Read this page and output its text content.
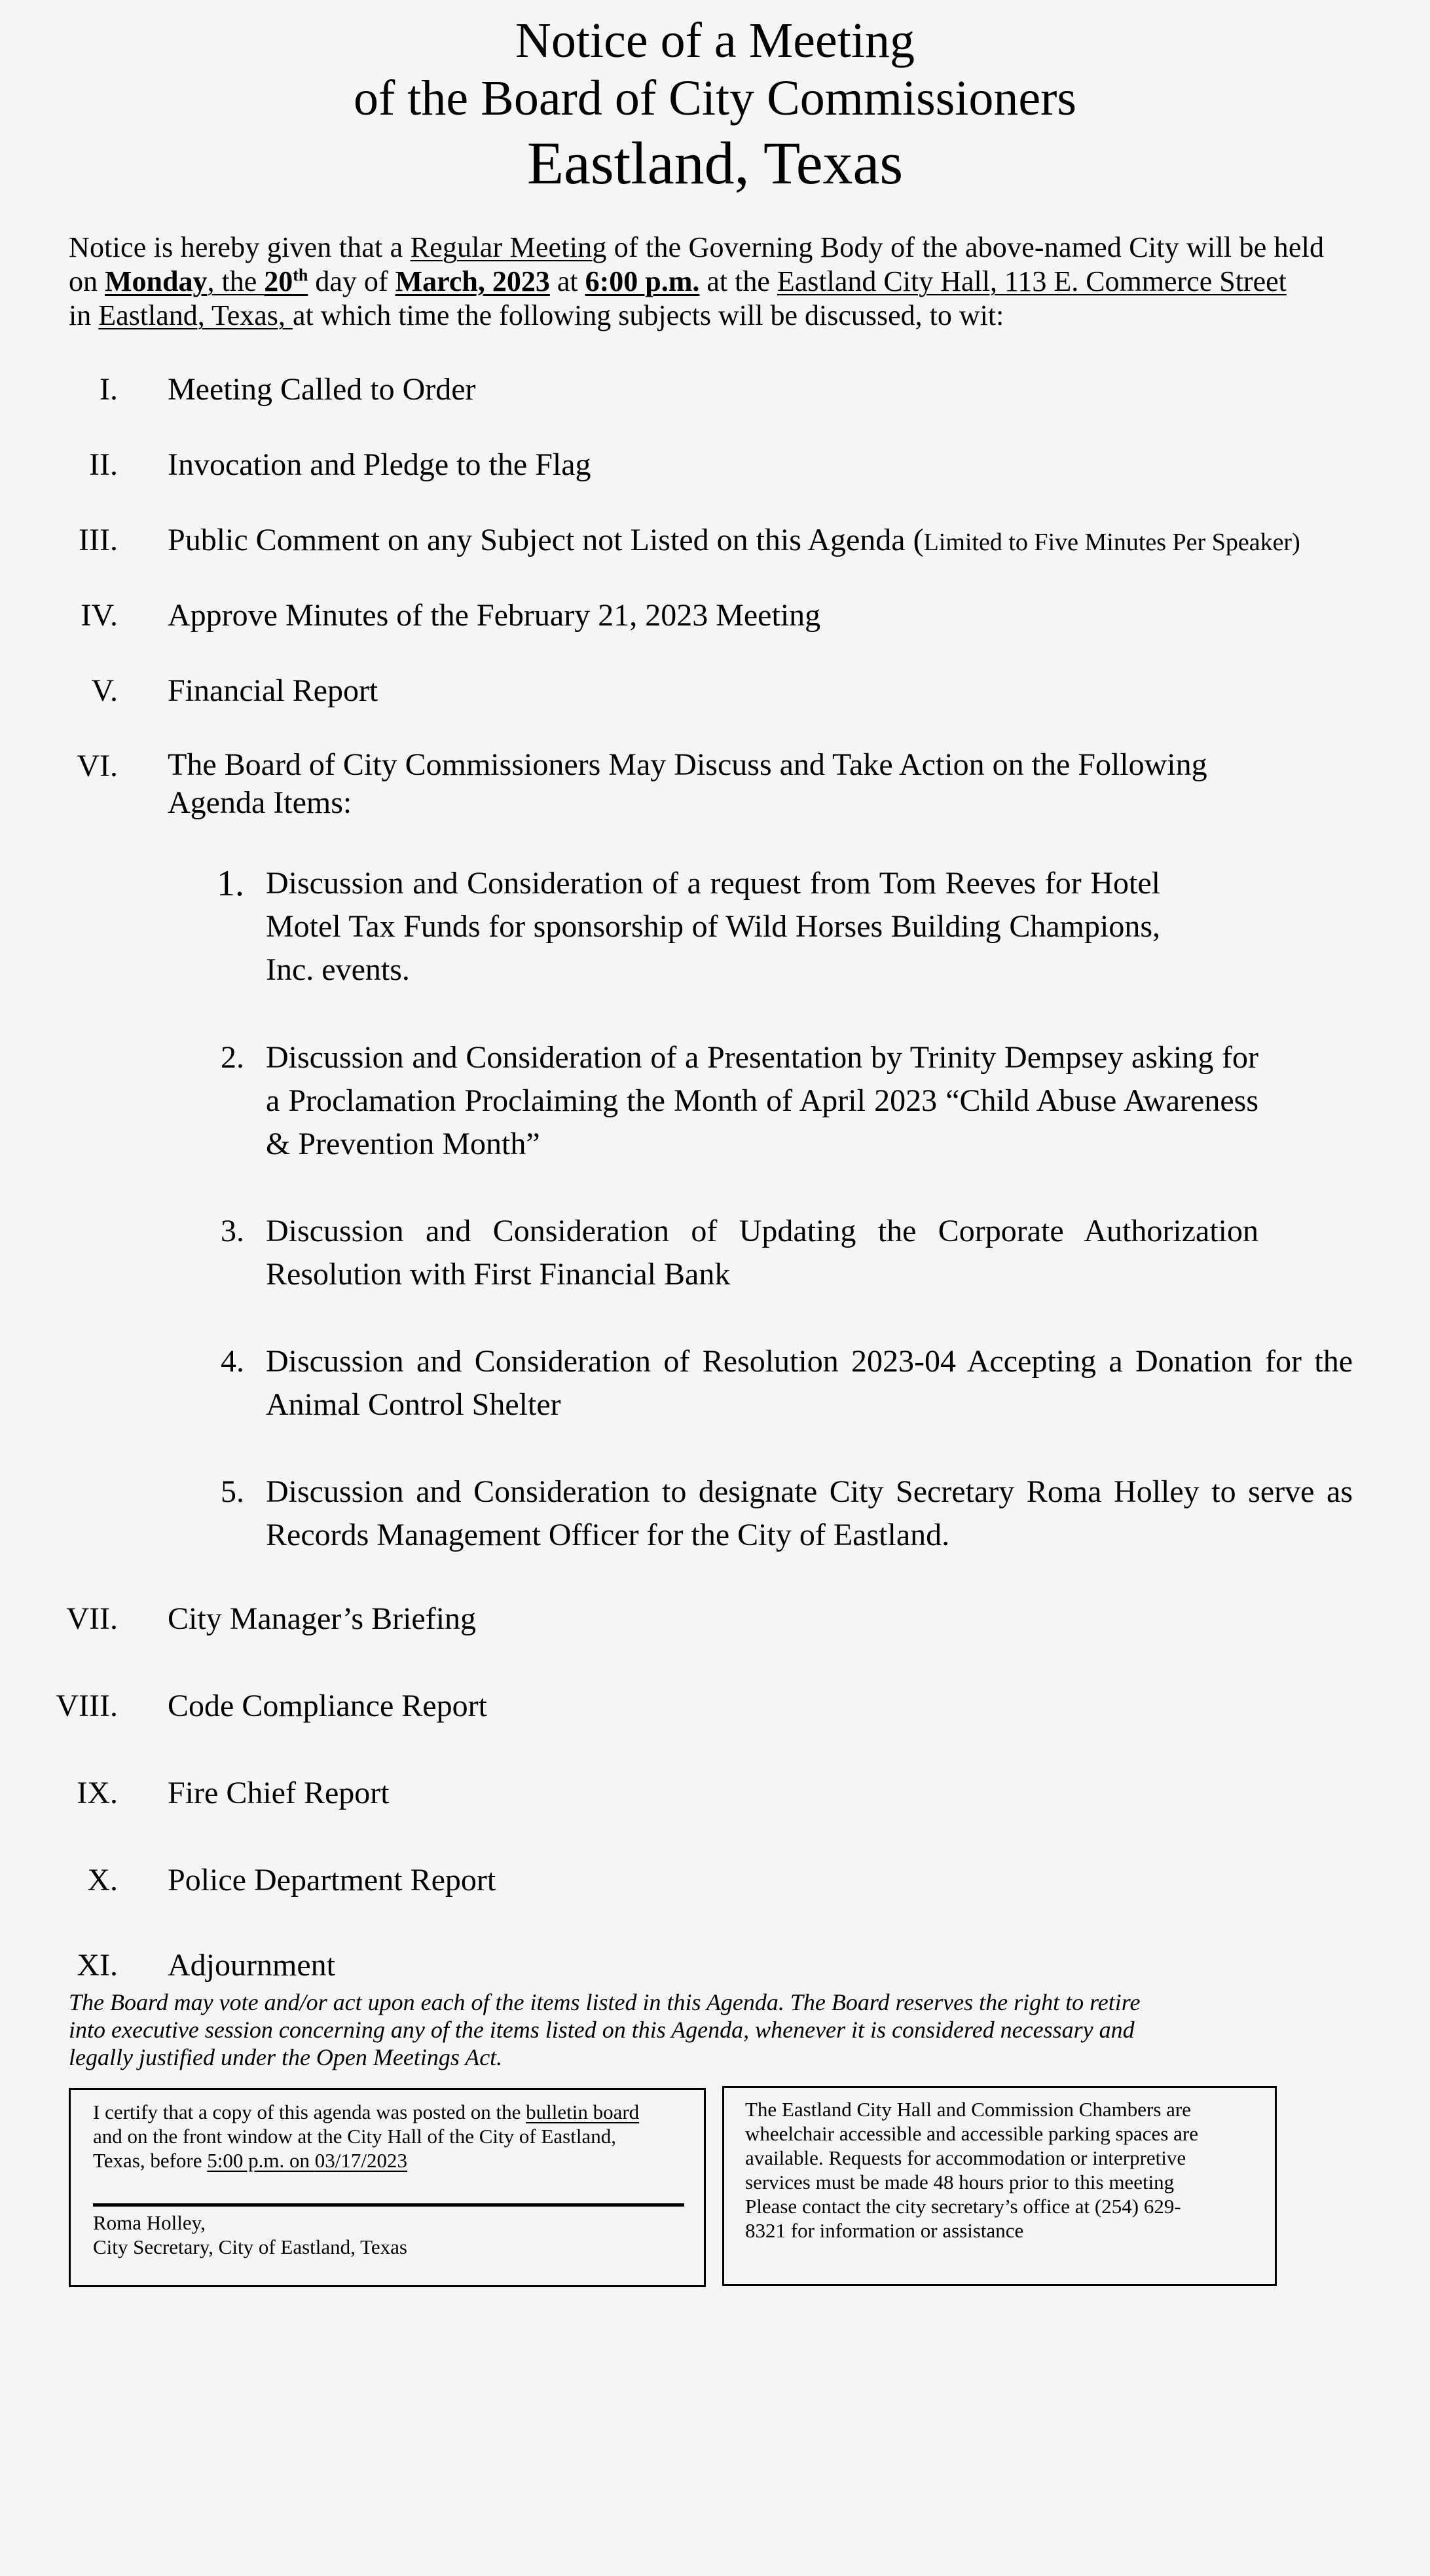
Notice of a Meeting
of the Board of City Commissioners
Eastland, Texas
Notice is hereby given that a Regular Meeting of the Governing Body of the above-named City will be held
on Monday, the 20th day of March, 2023 at 6:00 p.m. at the Eastland City Hall, 113 E. Commerce Street
in Eastland, Texas, at which time the following subjects will be discussed, to wit:
I. Meeting Called to Order
II. Invocation and Pledge to the Flag
III. Public Comment on any Subject not Listed on this Agenda (Limited to Five Minutes Per Speaker)
IV. Approve Minutes of the February 21, 2023 Meeting
V. Financial Report
VI. The Board of City Commissioners May Discuss and Take Action on the Following
Agenda Items:
1. Discussion and Consideration of a request from Tom Reeves for Hotel Motel Tax Funds for sponsorship of Wild Horses Building Champions, Inc. events.
2. Discussion and Consideration of a Presentation by Trinity Dempsey asking for a Proclamation Proclaiming the Month of April 2023 “Child Abuse Awareness & Prevention Month”
3. Discussion and Consideration of Updating the Corporate Authorization Resolution with First Financial Bank
4. Discussion and Consideration of Resolution 2023-04 Accepting a Donation for the Animal Control Shelter
5. Discussion and Consideration to designate City Secretary Roma Holley to serve as Records Management Officer for the City of Eastland.
VII. City Manager’s Briefing
VIII. Code Compliance Report
IX. Fire Chief Report
X. Police Department Report
XI. Adjournment
The Board may vote and/or act upon each of the items listed in this Agenda. The Board reserves the right to retire
into executive session concerning any of the items listed on this Agenda, whenever it is considered necessary and
legally justified under the Open Meetings Act.
I certify that a copy of this agenda was posted on the bulletin board
and on the front window at the City Hall of the City of Eastland,
Texas, before 5:00 p.m. on 03/17/2023
Roma Holley,
City Secretary, City of Eastland, Texas
The Eastland City Hall and Commission Chambers are
wheelchair accessible and accessible parking spaces are
available. Requests for accommodation or interpretive
services must be made 48 hours prior to this meeting
Please contact the city secretary’s office at (254) 629-
8321 for information or assistance
